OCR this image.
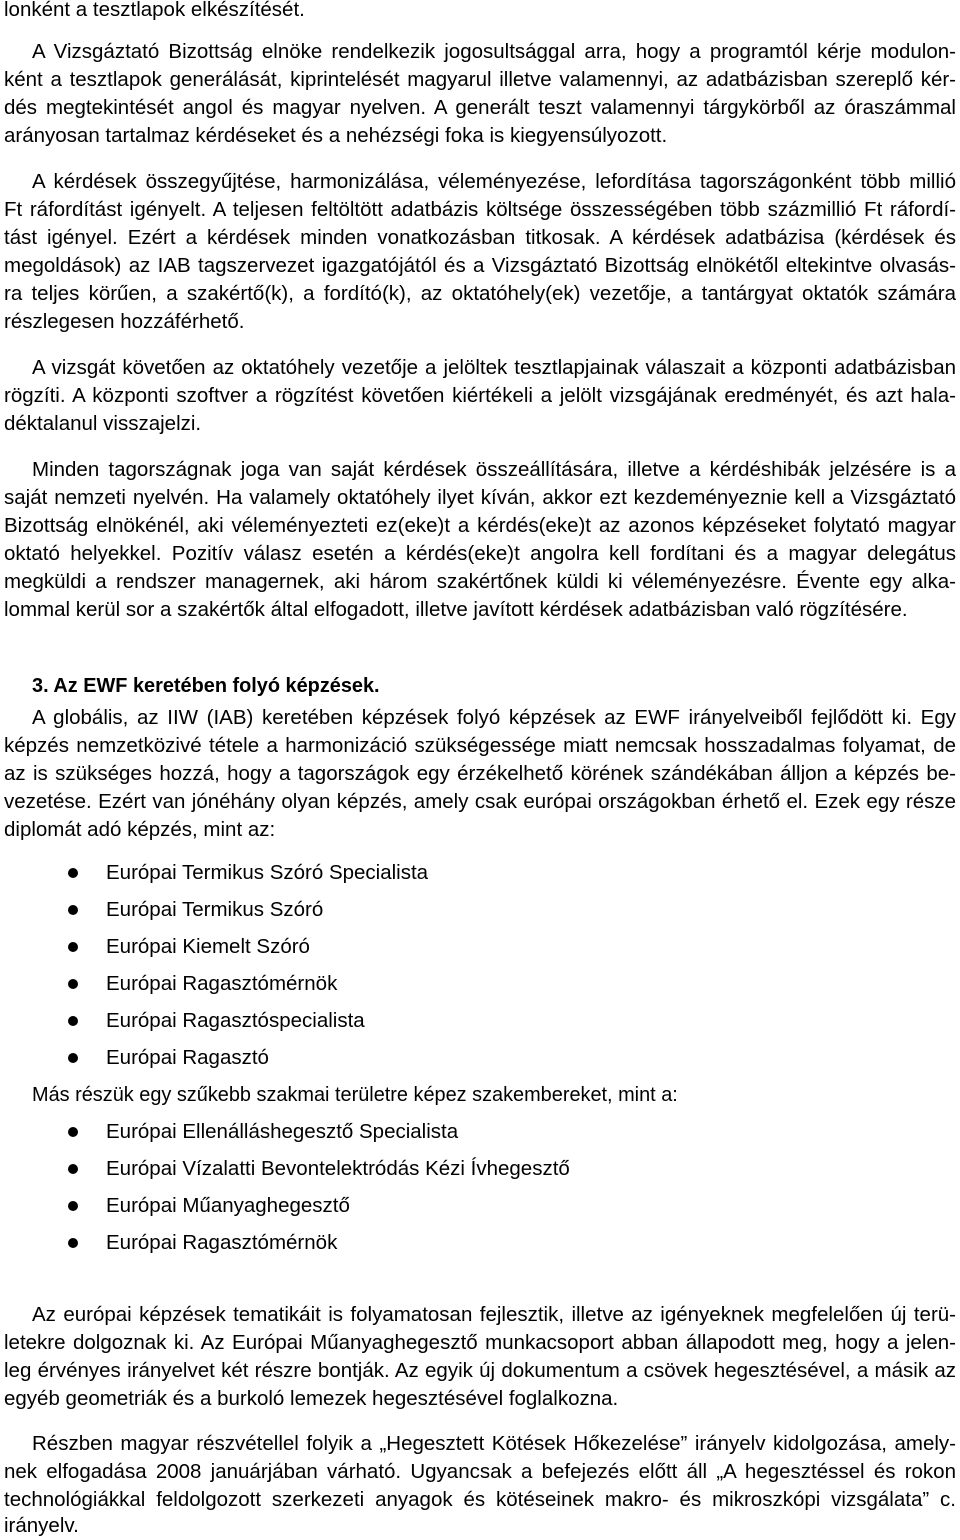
lonként a tesztlapok elkészítését.
A Vizsgáztató Bizottság elnöke rendelkezik jogosultsággal arra, hogy a programtól kérje modulon-
ként a tesztlapok generálását, kiprintelését magyarul illetve valamennyi, az adatbázisban szereplő kér-
dés megtekintését angol és magyar nyelven. A generált teszt valamennyi tárgykörből az óraszámmal
arányosan tartalmaz kérdéseket és a nehézségi foka is kiegyensúlyozott.
A kérdések összegyűjtése, harmonizálása, véleményezése, lefordítása tagországonként több millió
Ft ráfordítást igényelt. A teljesen feltöltött adatbázis költsége összességében több százmillió Ft ráfordí-
tást igényel. Ezért a kérdések minden vonatkozásban titkosak. A kérdések adatbázisa (kérdések és
megoldások) az IAB tagszervezet igazgatójától és a Vizsgáztató Bizottság elnökétől eltekintve olvasás-
ra teljes körűen, a szakértő(k), a fordító(k), az oktatóhely(ek) vezetője, a tantárgyat oktatók számára
részlegesen hozzáférhető.
A vizsgát követően az oktatóhely vezetője a jelöltek tesztlapjainak válaszait a központi adatbázisban
rögzíti. A központi szoftver a rögzítést követően kiértékeli a jelölt vizsgájának eredményét, és azt hala-
déktalanul visszajelzi.
Minden tagországnak joga van saját kérdések összeállítására, illetve a kérdéshibák jelzésére is a
saját nemzeti nyelvén. Ha valamely oktatóhely ilyet kíván, akkor ezt kezdeményeznie kell a Vizsgáztató
Bizottság elnökénél, aki véleményezteti ez(eke)t a kérdés(eke)t az azonos képzéseket folytató magyar
oktató helyekkel. Pozitív válasz esetén a kérdés(eke)t angolra kell fordítani és a magyar delegátus
megküldi a rendszer managernek, aki három szakértőnek küldi ki véleményezésre. Évente egy alka-
lommal kerül sor a szakértők által elfogadott, illetve javított kérdések adatbázisban való rögzítésére.
3. Az EWF keretében folyó képzések.
A globális, az IIW (IAB) keretében képzések folyó képzések az EWF irányelveiből fejlődött ki. Egy
képzés nemzetközivé tétele a harmonizáció szükségessége miatt nemcsak hosszadalmas folyamat, de
az is szükséges hozzá, hogy a tagországok egy érzékelhető körének szándékában álljon a képzés be-
vezetése. Ezért van jónéhány olyan képzés, amely csak európai országokban érhető el. Ezek egy része
diplomát adó képzés, mint az:
Európai Termikus Szóró Specialista
Európai Termikus Szóró
Európai Kiemelt Szóró
Európai Ragasztómérnök
Európai Ragasztóspecialista
Európai Ragasztó
Más részük egy szűkebb szakmai területre képez szakembereket, mint a:
Európai Ellenálláshegesztő Specialista
Európai Vízalatti Bevontelektródás Kézi Ívhegesztő
Európai Műanyaghegesztő
Európai Ragasztómérnök
Az európai képzések tematikáit is folyamatosan fejlesztik, illetve az igényeknek megfelelően új terü-
letekre dolgoznak ki. Az Európai Műanyaghegesztő munkacsoport abban állapodott meg, hogy a jelen-
leg érvényes irányelvet két részre bontják. Az egyik új dokumentum a csövek hegesztésével, a másik az
egyéb geometriák és a burkoló lemezek hegesztésével foglalkozna.
Részben magyar részvétellel folyik a „Hegesztett Kötések Hőkezelése” irányelv kidolgozása, amely-
nek elfogadása 2008 januárjában várható. Ugyancsak a befejezés előtt áll „A hegesztéssel és rokon
technológiákkal feldolgozott szerkezeti anyagok és kötéseinek makro- és mikroszkópi vizsgálata” c.
irányelv.
